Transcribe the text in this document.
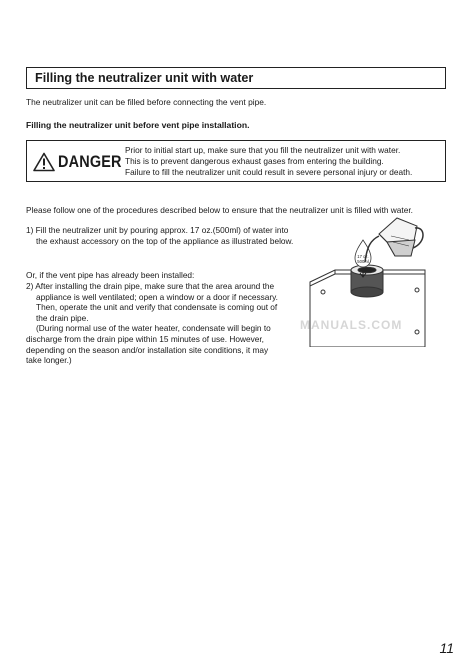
Filling the neutralizer unit with water
The neutralizer unit can be filled before connecting the vent pipe.
Filling the neutralizer unit before vent pipe installation.
DANGER
Prior to initial start up, make sure that you fill the neutralizer unit with water.
This is to prevent dangerous exhaust gases from entering the building.
Failure to fill the neutralizer unit could result in severe personal injury or death.
Please follow one of the procedures described below to ensure that the neutralizer unit is filled with water.
1) Fill the neutralizer unit by pouring approx. 17 oz.(500ml) of water into
the exhaust accessory on the top of the appliance as illustrated below.
Or, if the vent pipe has already been installed:
2) After installing the drain pipe, make sure that the area around the
appliance is well ventilated; open a window or a door if necessary.
Then, operate the unit and verify that condensate is coming out of
the drain pipe.
(During normal use of the water heater, condensate will begin to
discharge from the drain pipe within 15 minutes of use. However,
depending on the season and/or installation site conditions, it may
take longer.)
17 oz.
500ml
MANUALS.COM
11
